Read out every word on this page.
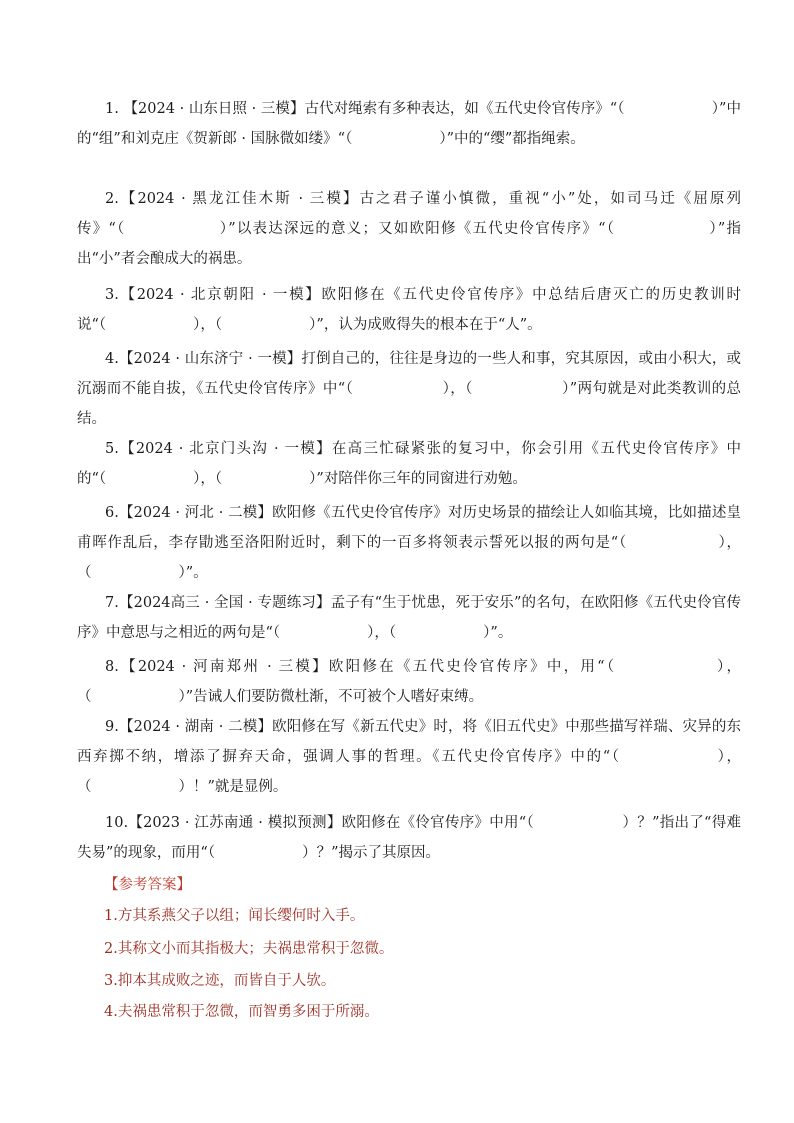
1. 【2024 · 山东日照 · 三模】古代对绳索有多种表达，如《五代史伶官传序》“（　　　　　　）”中的“组”和刘克庄《贺新郎 · 国脉微如缕》“（　　　　　　）”中的“缨”都指绳索。

2.【2024 · 黑龙江佳木斯 · 三模】古之君子谨小慎微，重视“小”处，如司马迁《屈原列传》“（　　　　　　）”以表达深远的意义；又如欧阳修《五代史伶官传序》“（　　　　　　）”指出“小”者会酿成大的祸患。

3.【2024 · 北京朝阳 · 一模】欧阳修在《五代史伶官传序》中总结后唐灭亡的历史教训时说“（　　　　　　），（　　　　　　）”，认为成败得失的根本在于“人”。

4.【2024 · 山东济宁 · 一模】打倒自己的，往往是身边的一些人和事，究其原因，或由小积大，或沉溺而不能自拔，《五代史伶官传序》中“（　　　　　　），（　　　　　　）”两句就是对此类教训的总结。

5.【2024 · 北京门头沟 · 一模】在高三忙碌紧张的复习中，你会引用《五代史伶官传序》中的“（　　　　　　），（　　　　　　）”对陪伴你三年的同窗进行劝勉。

6.【2024 · 河北 · 二模】欧阳修《五代史伶官传序》对历史场景的描绘让人如临其境，比如描述皇甫晖作乱后，李存勖逃至洛阳附近时，剩下的一百多将领表示誓死以报的两句是“（　　　　　　），（　　　　　　）”。

7.【2024高三 · 全国 · 专题练习】孟子有“生于忧患，死于安乐”的名句，在欧阳修《五代史伶官传序》中意思与之相近的两句是“（　　　　　　），（　　　　　　）”。

8.【2024 · 河南郑州 · 三模】欧阳修在《五代史伶官传序》中，用“（　　　　　　），（　　　　　　）”告诫人们要防微杜渐，不可被个人嗜好束缚。

9.【2024 · 湖南 · 二模】欧阳修在写《新五代史》时，将《旧五代史》中那些描写祥瑞、灾异的东西弃掷不纳，增添了摒弃天命，强调人事的哲理。《五代史伶官传序》中的“（　　　　　　），（　　　　　　）！”就是显例。

10.【2023 · 江苏南通 · 模拟预测】欧阳修在《伶官传序》中用“（　　　　　　）？”指出了“得难失易”的现象，而用“（　　　　　　）？”揭示了其原因。

【参考答案】

1.方其系燕父子以组；闻长缨何时入手。

2.其称文小而其指极大；夫祸患常积于忽微。

3.抑本其成败之迹，而皆自于人欤。

4.夫祸患常积于忽微，而智勇多困于所溺。
